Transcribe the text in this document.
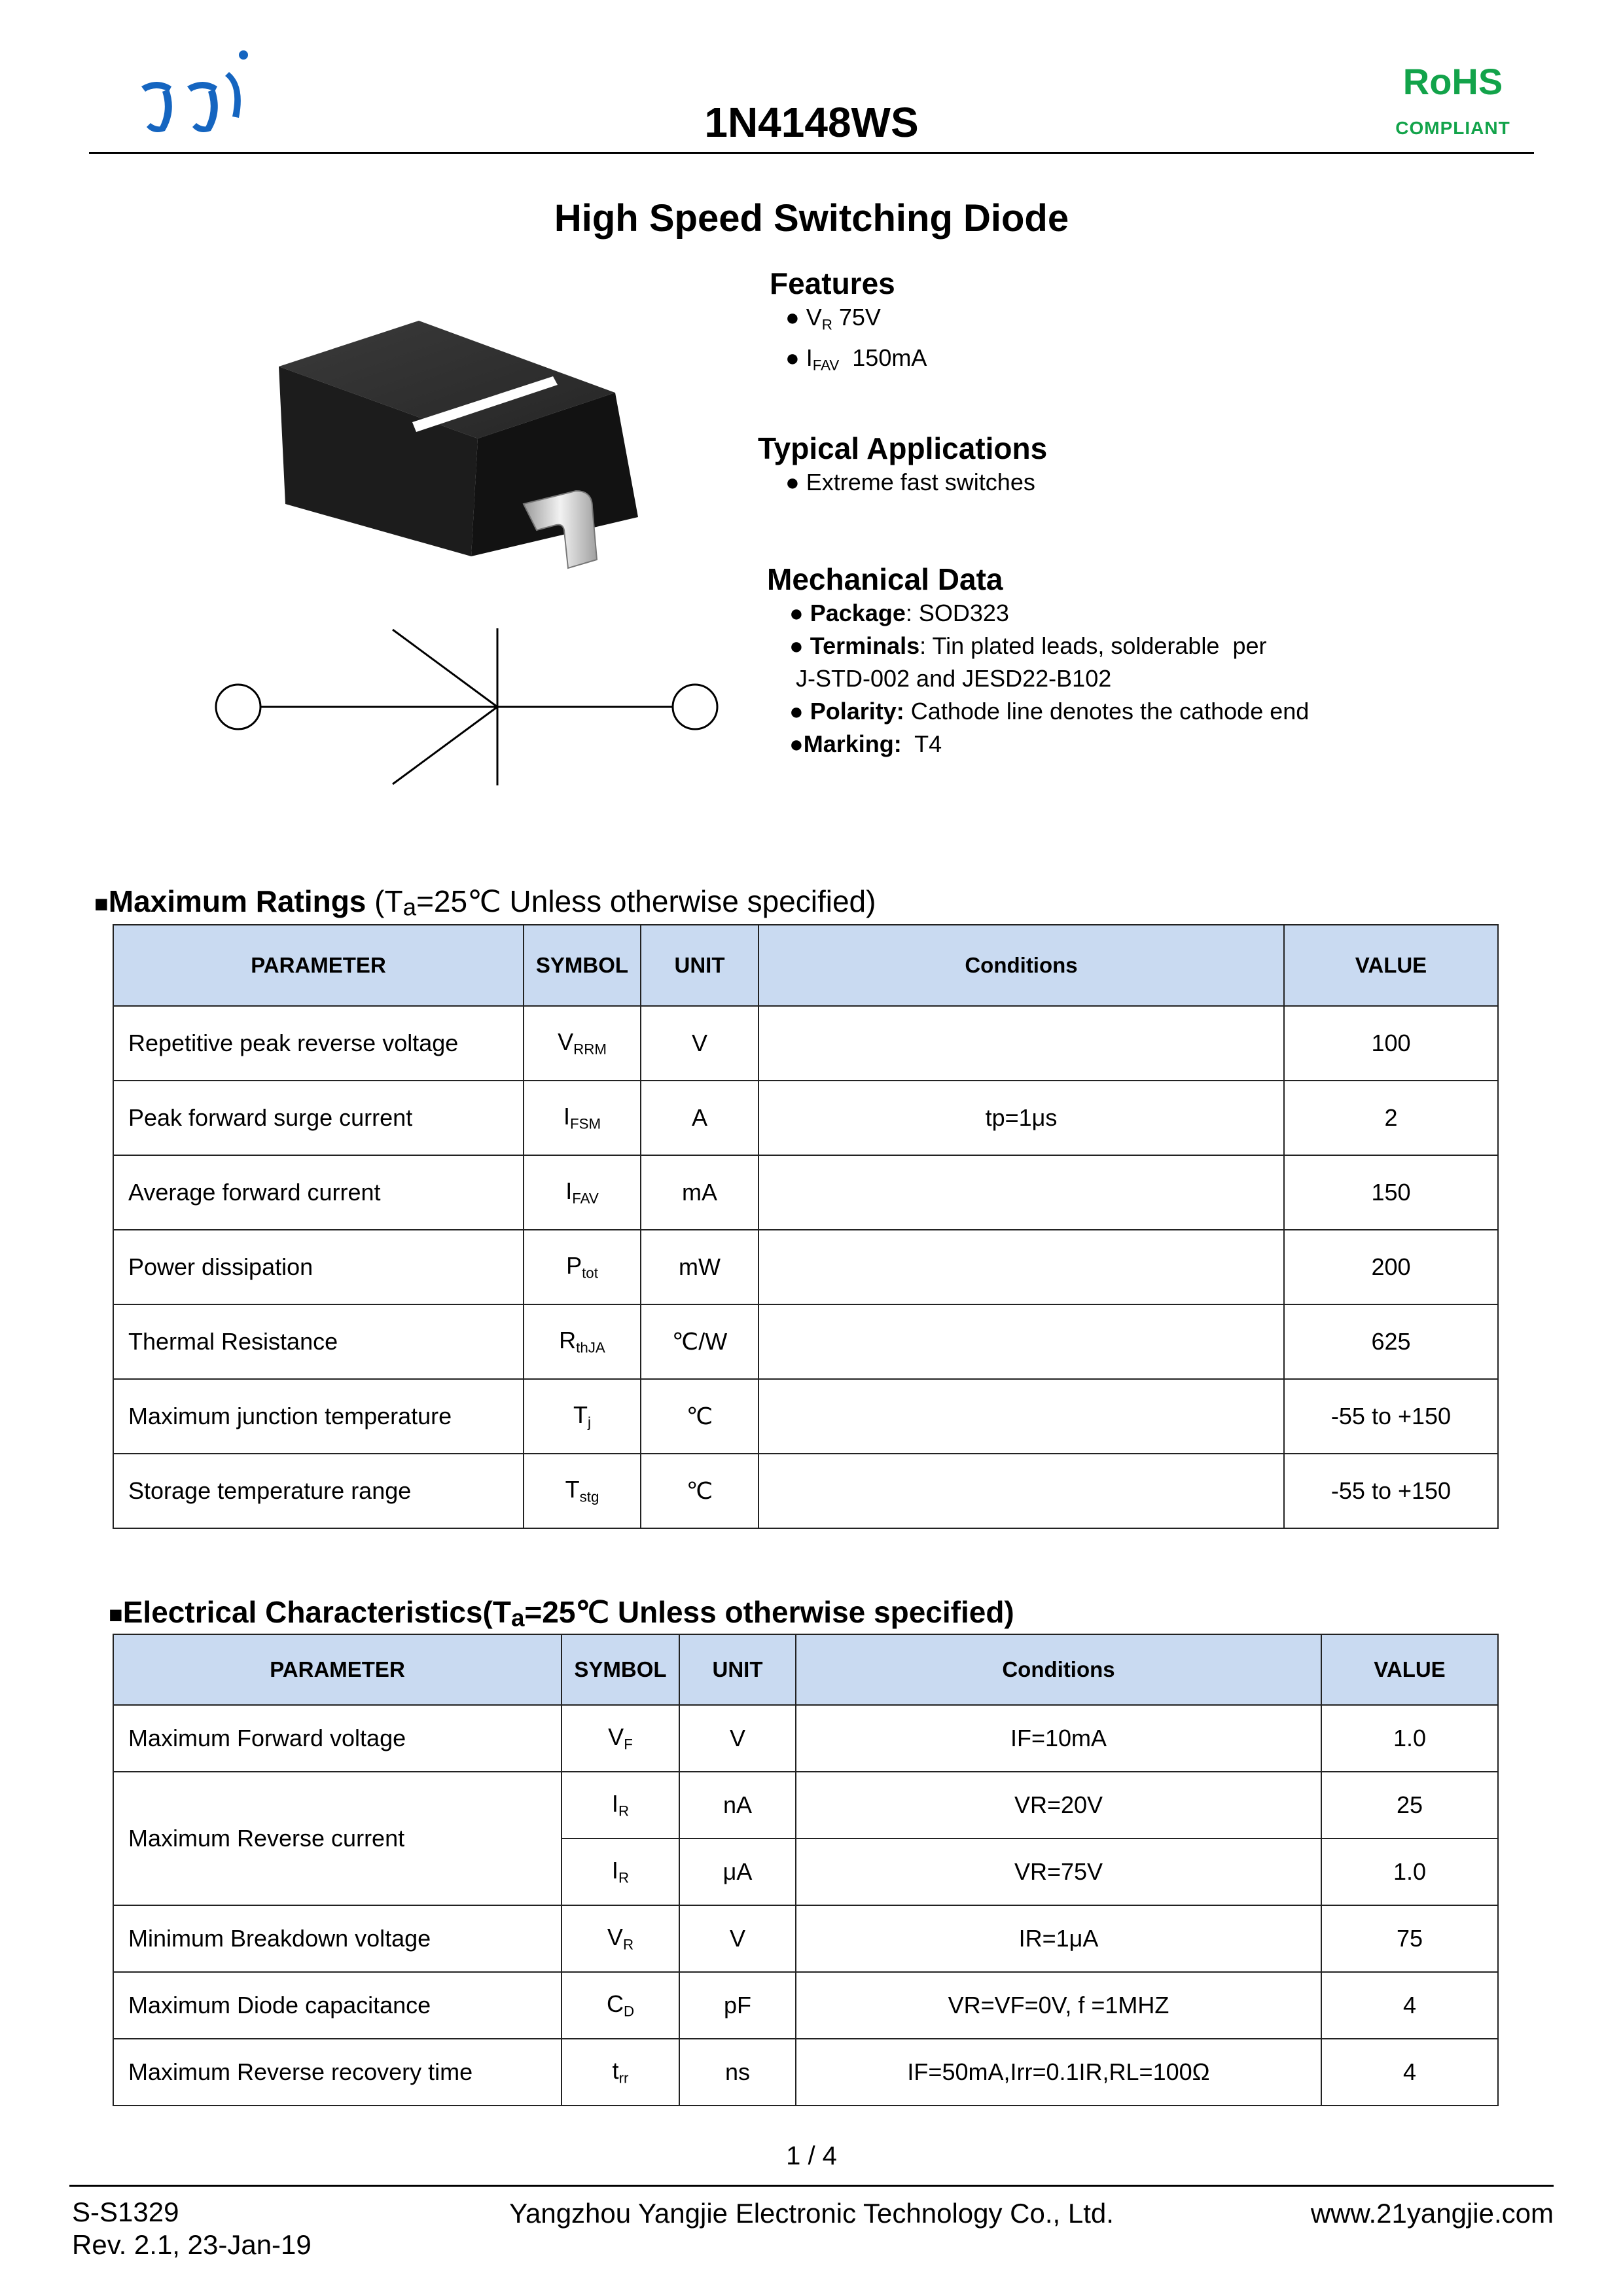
1N4148WS
RoHS
COMPLIANT
High Speed Switching Diode
Features
● $V_R$ 75V
● $I_{FAV}$  150mA
Typical Applications
● Extreme fast switches
Mechanical Data
● Package: SOD323
● Terminals: Tin plated leads, solderable  per
J-STD-002 and JESD22-B102
● Polarity: Cathode line denotes the cathode end
●Marking:  T4
■Maximum Ratings ($T_a=25℃$ Unless otherwise specified)
PARAMETER	SYMBOL	UNIT	Conditions	VALUE
Repetitive peak reverse voltage	$V_{RRM}$	V		100
Peak forward surge current	$I_{FSM}$	A	tp=1μs	2
Average forward current	$I_{FAV}$	mA		150
Power dissipation	$P_{tot}$	mW		200
Thermal Resistance	$R_{thJA}$	℃/W		625
Maximum junction temperature	$T_j$	℃		-55 to +150
Storage temperature range	$T_{stg}$	℃		-55 to +150
■Electrical $Characteristics(T_a=25℃$ Unless otherwise specified)
PARAMETER	SYMBOL	UNIT	Conditions	VALUE
Maximum Forward voltage	$V_F$	V	IF=10mA	1.0
Maximum Reverse current	$I_R$	nA	VR=20V	25
	$I_R$	μA	VR=75V	1.0
Minimum Breakdown voltage	$V_R$	V	IR=1μA	75
Maximum Diode capacitance	$C_D$	pF	VR=VF=0V, f =1MHZ	4
Maximum Reverse recovery time	$t_{rr}$	ns	IF=50mA,Irr=0.1IR,RL=100Ω	4
1 / 4
S-S1329
Rev. 2.1, 23-Jan-19
Yangzhou Yangjie Electronic Technology Co., Ltd.	www.21yangjie.com
